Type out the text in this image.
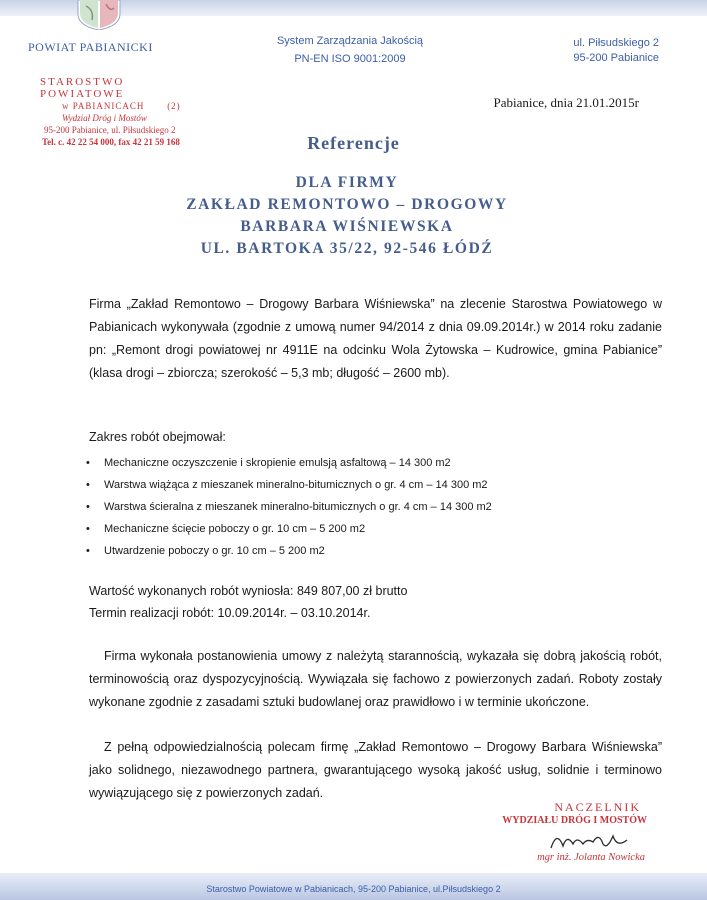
POWIAT PABIANICKI	System Zarządzania Jakością
PN-EN ISO 9001:2009
ul. Piłsudskiego 2
95-200 Pabianice
STAROSTWO POWIATOWE
w PABIANICACH	(2)
Wydział Dróg i Mostów
95-200 Pabianice, ul. Piłsudskiego 2
Tel. c. 42 22 54 000, fax 42 21 59 168
Pabianice, dnia 21.01.2015r
Referencje
DLA FIRMY
ZAKŁAD REMONTOWO – DROGOWY
BARBARA WIŚNIEWSKA
UL. BARTOKA 35/22, 92-546 ŁÓDŹ
Firma „Zakład Remontowo – Drogowy Barbara Wiśniewska” na zlecenie Starostwa Powiatowego w Pabianicach wykonywała (zgodnie z umową numer 94/2014 z dnia 09.09.2014r.) w 2014 roku zadanie pn: „Remont drogi powiatowej nr 4911E na odcinku Wola Żytowska – Kudrowice, gmina Pabianice” (klasa drogi – zbiorcza; szerokość – 5,3 mb; długość – 2600 mb).
Zakres robót obejmował:
• Mechaniczne oczyszczenie i skropienie emulsją asfaltową – 14 300 m2
• Warstwa wiążąca z mieszanek mineralno-bitumicznych o gr. 4 cm – 14 300 m2
• Warstwa ścieralna z mieszanek mineralno-bitumicznych o gr. 4 cm – 14 300 m2
• Mechaniczne ścięcie poboczy o gr. 10 cm – 5 200 m2
• Utwardzenie poboczy o gr. 10 cm – 5 200 m2
Wartość wykonanych robót wyniosła: 849 807,00 zł brutto
Termin realizacji robót: 10.09.2014r. – 03.10.2014r.
Firma wykonała postanowienia umowy z należytą starannością, wykazała się dobrą jakością robót, terminowością oraz dyspozycyjnością. Wywiązała się fachowo z powierzonych zadań. Roboty zostały wykonane zgodnie z zasadami sztuki budowlanej oraz prawidłowo i w terminie ukończone.
Z pełną odpowiedzialnością polecam firmę „Zakład Remontowo – Drogowy Barbara Wiśniewska” jako solidnego, niezawodnego partnera, gwarantującego wysoką jakość usług, solidnie i terminowo wywiązującego się z powierzonych zadań.
NACZELNIK
WYDZIAŁU DRÓG I MOSTÓW
mgr inż. Jolanta Nowicka
Starostwo Powiatowe w Pabianicach, 95-200 Pabianice, ul.Piłsudskiego 2
